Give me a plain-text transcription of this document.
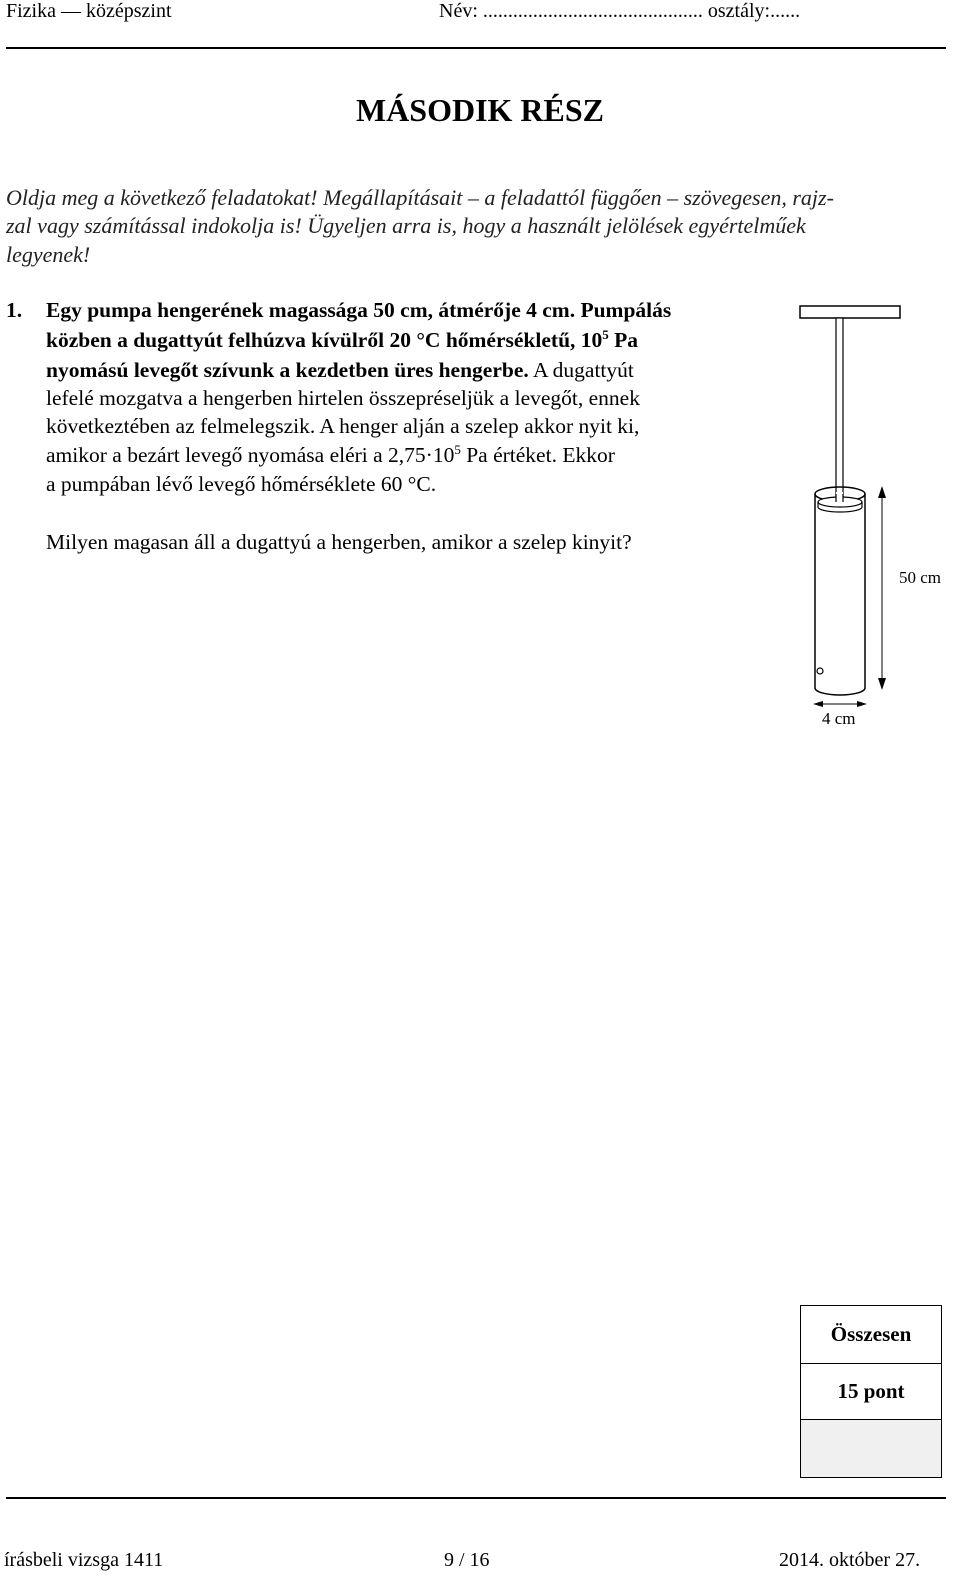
Fizika — középszint	Név: ............................................ osztály:......
MÁSODIK RÉSZ
Oldja meg a következő feladatokat! Megállapításait – a feladattól függően – szövegesen, rajz-
zal vagy számítással indokolja is! Ügyeljen arra is, hogy a használt jelölések egyértelműek
legyenek!
1. Egy pumpa hengerének magassága 50 cm, átmérője 4 cm. Pumpálás
közben a dugattyút felhúzva kívülről 20 °C hőmérsékletű, $10^5$ Pa
nyomású levegőt szívunk a kezdetben üres hengerbe. A dugattyút
lefelé mozgatva a hengerben hirtelen összepréseljük a levegőt, ennek
következtében az felmelegszik. A henger alján a szelep akkor nyit ki,
amikor a bezárt levegő nyomása eléri a $2,75\cdot 10^5$ Pa értéket. Ekkor
a pumpában lévő levegő hőmérséklete 60 °C.
Milyen magasan áll a dugattyú a hengerben, amikor a szelep kinyit?
50 cm
4 cm
Összesen
15 pont

írásbeli vizsga 1411	9 / 16	2014. október 27.
